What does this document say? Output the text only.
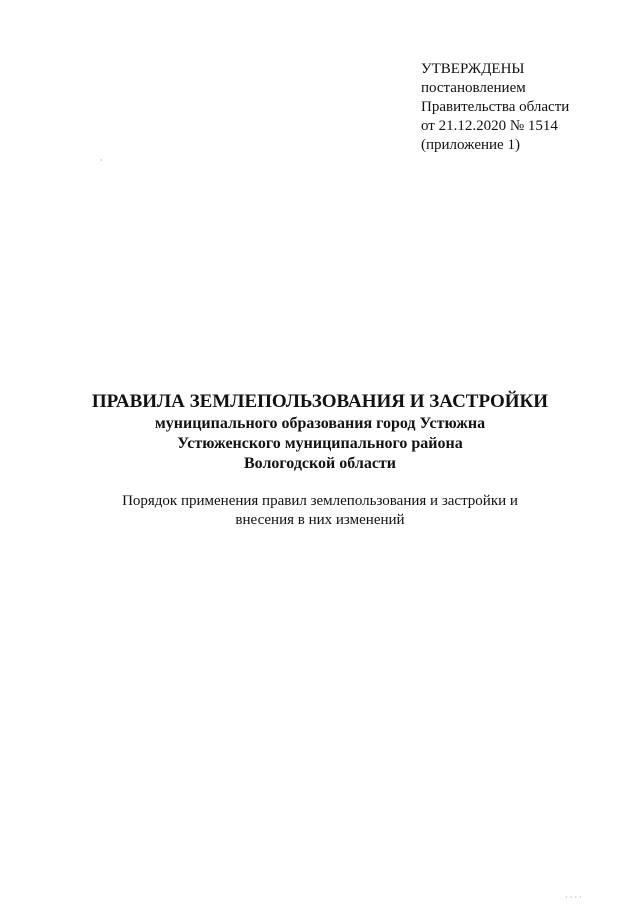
УТВЕРЖДЕНЫ
постановлением
Правительства области
от 21.12.2020 № 1514
(приложение 1)
ПРАВИЛА ЗЕМЛЕПОЛЬЗОВАНИЯ И ЗАСТРОЙКИ
муниципального образования город Устюжна
Устюженского муниципального района
Вологодской области
Порядок применения правил землепользования и застройки и
внесения в них изменений
·
· · · ·
